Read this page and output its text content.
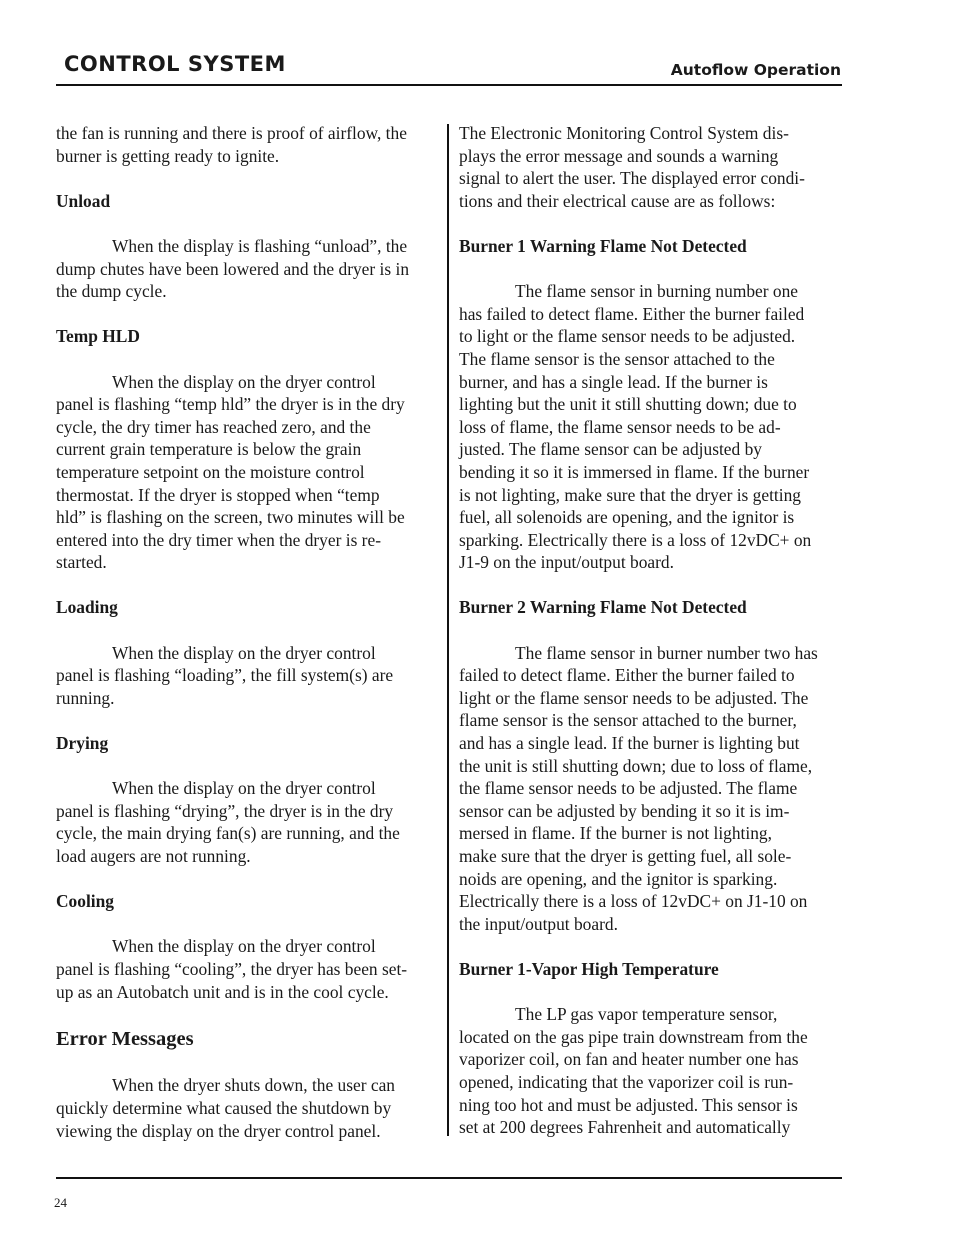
CONTROL SYSTEM	Autoflow Operation

the fan is running and there is proof of airflow, the
burner is getting ready to ignite.

Unload

When the display is flashing “unload”, the
dump chutes have been lowered and the dryer is in
the dump cycle.

Temp HLD

When the display on the dryer control
panel is flashing “temp hld” the dryer is in the dry
cycle, the dry timer has reached zero, and the
current grain temperature is below the grain
temperature setpoint on the moisture control
thermostat. If the dryer is stopped when “temp
hld” is flashing on the screen, two minutes will be
entered into the dry timer when the dryer is re-
started.

Loading

When the display on the dryer control
panel is flashing “loading”, the fill system(s) are
running.

Drying

When the display on the dryer control
panel is flashing “drying”, the dryer is in the dry
cycle, the main drying fan(s) are running, and the
load augers are not running.

Cooling

When the display on the dryer control
panel is flashing “cooling”, the dryer has been set-
up as an Autobatch unit and is in the cool cycle.

Error Messages

When the dryer shuts down, the user can
quickly determine what caused the shutdown by
viewing the display on the dryer control panel.

The Electronic Monitoring Control System dis-
plays the error message and sounds a warning
signal to alert the user. The displayed error condi-
tions and their electrical cause are as follows:

Burner 1 Warning Flame Not Detected

The flame sensor in burning number one
has failed to detect flame. Either the burner failed
to light or the flame sensor needs to be adjusted.
The flame sensor is the sensor attached to the
burner, and has a single lead. If the burner is
lighting but the unit it still shutting down; due to
loss of flame, the flame sensor needs to be ad-
justed. The flame sensor can be adjusted by
bending it so it is immersed in flame. If the burner
is not lighting, make sure that the dryer is getting
fuel, all solenoids are opening, and the ignitor is
sparking. Electrically there is a loss of 12vDC+ on
J1-9 on the input/output board.

Burner 2 Warning Flame Not Detected

The flame sensor in burner number two has
failed to detect flame. Either the burner failed to
light or the flame sensor needs to be adjusted. The
flame sensor is the sensor attached to the burner,
and has a single lead. If the burner is lighting but
the unit is still shutting down; due to loss of flame,
the flame sensor needs to be adjusted. The flame
sensor can be adjusted by bending it so it is im-
mersed in flame. If the burner is not lighting,
make sure that the dryer is getting fuel, all sole-
noids are opening, and the ignitor is sparking.
Electrically there is a loss of 12vDC+ on J1-10 on
the input/output board.

Burner 1-Vapor High Temperature

The LP gas vapor temperature sensor,
located on the gas pipe train downstream from the
vaporizer coil, on fan and heater number one has
opened, indicating that the vaporizer coil is run-
ning too hot and must be adjusted. This sensor is
set at 200 degrees Fahrenheit and automatically

24
